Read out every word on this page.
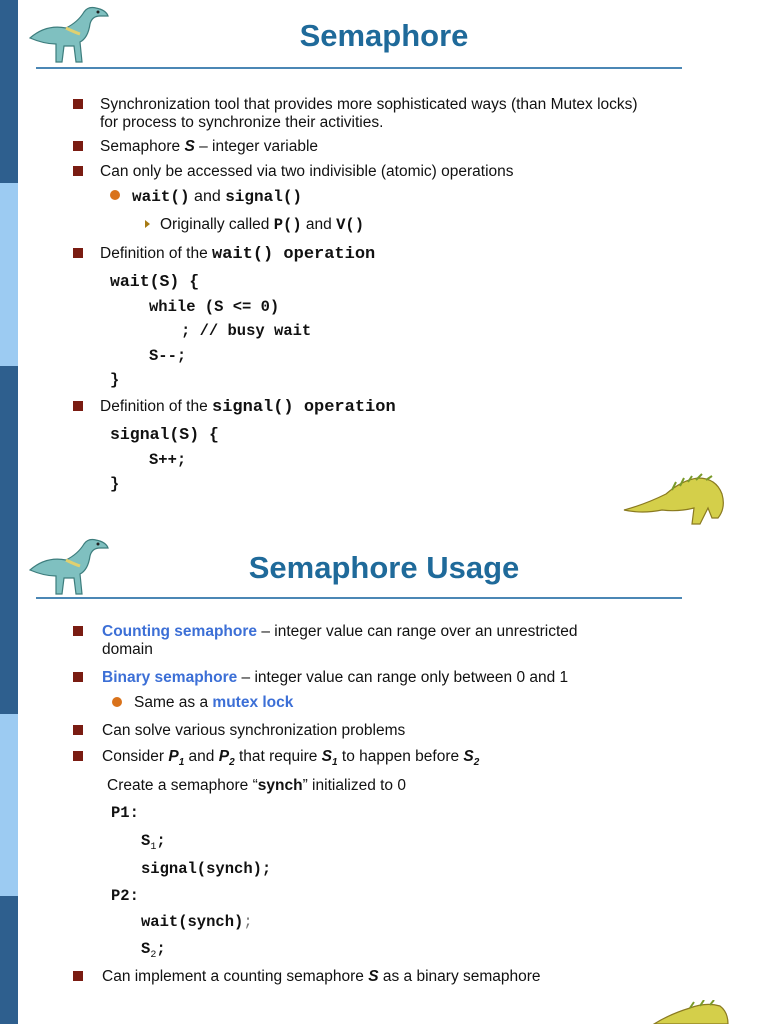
Semaphore
Synchronization tool that provides more sophisticated ways (than Mutex locks)
for process to synchronize their activities.
Semaphore S – integer variable
Can only be accessed via two indivisible (atomic) operations
wait() and signal()
Originally called P() and V()
Definition of the wait() operation
wait(S) {
while (S <= 0)
; // busy wait
S--;
}
Definition of the signal() operation
signal(S) {
S++;
}
Semaphore Usage
Counting semaphore – integer value can range over an unrestricted
domain
Binary semaphore – integer value can range only between 0 and 1
Same as a mutex lock
Can solve various synchronization problems
Consider $P_1$ and $P_2$ that require $S_1$ to happen before $S_2$
Create a semaphore “synch” initialized to 0
P1:
$S_1$;
signal(synch);
P2:
wait(synch);
$S_2$;
Can implement a counting semaphore S as a binary semaphore
